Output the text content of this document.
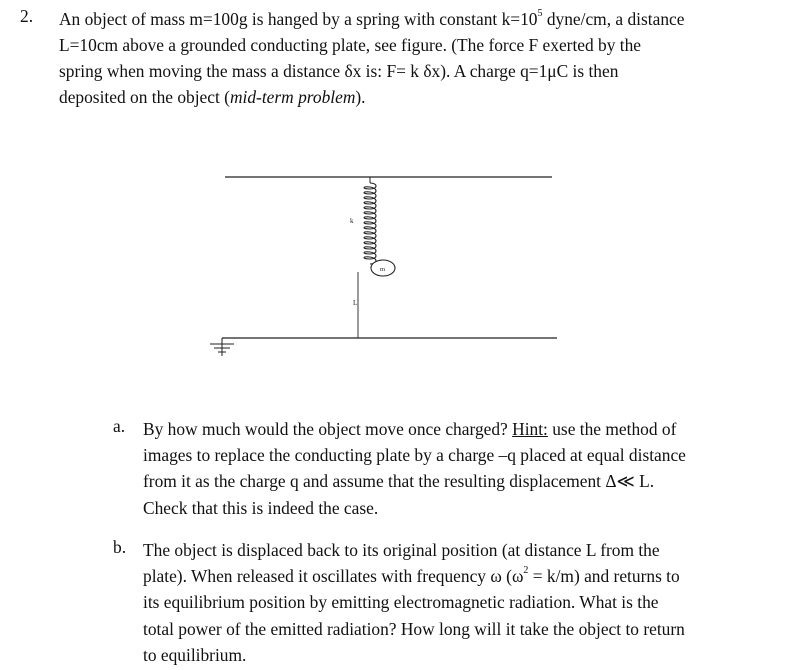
2. An object of mass m=100g is hanged by a spring with constant $k=10^5$ dyne/cm, a distance
L=10cm above a grounded conducting plate, see figure. (The force F exerted by the
spring when moving the mass a distance δx is: F= k δx). A charge q=1μC is then
deposited on the object (mid-term problem).
k
m
L
a. By how much would the object move once charged? Hint: use the method of
images to replace the conducting plate by a charge –q placed at equal distance
from it as the charge q and assume that the resulting displacement Δ≪ L.
Check that this is indeed the case.
b. The object is displaced back to its original position (at distance L from the
plate). When released it oscillates with frequency ω $(\omega^2 = k/m)$ and returns to
its equilibrium position by emitting electromagnetic radiation. What is the
total power of the emitted radiation? How long will it take the object to return
to equilibrium.
